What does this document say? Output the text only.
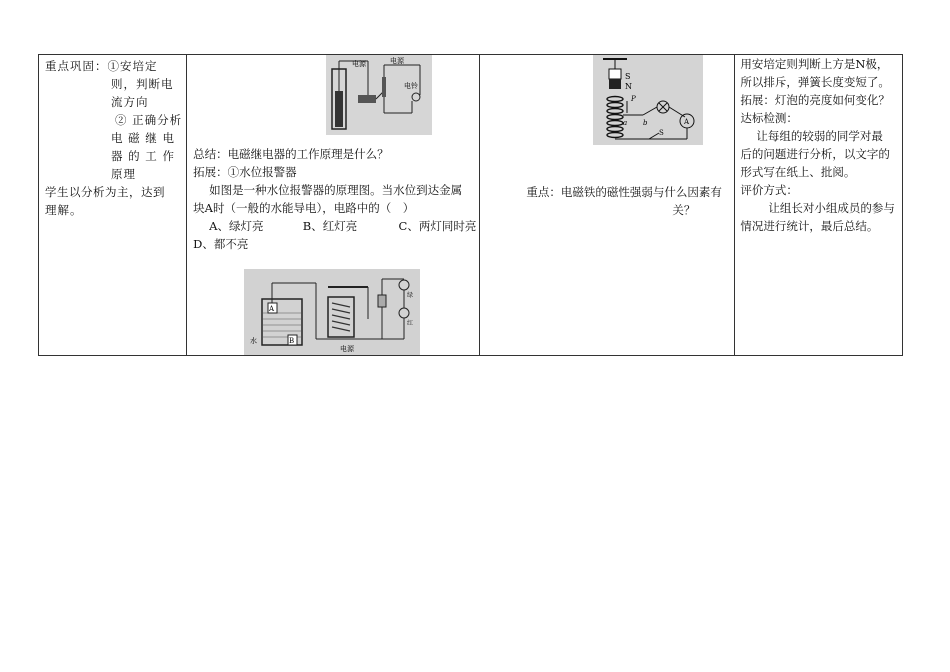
重点巩固：①安培定
则，判断电
流方向
② 正确分析
电 磁 继 电
器 的 工 作
原理
学生以分析为主，达到
理解。

电源	电源
电铃
总结：电磁继电器的工作原理是什么？
拓展：①水位报警器
如图是一种水位报警器的原理图。当水位到达金属
块A时（一般的水能导电），电路中的（　）
A、绿灯亮	B、红灯亮	C、两灯同时亮
D、都不亮
A
B
水
电源
绿
红

S
N
P
a b	A
S
重点：电磁铁的磁性强弱与什么因素有
关？

用安培定则判断上方是N极，
所以排斥，弹簧长度变短了。
拓展：灯泡的亮度如何变化？
达标检测：
让每组的较弱的同学对最
后的问题进行分析，以文字的
形式写在纸上、批阅。
评价方式：
让组长对小组成员的参与
情况进行统计，最后总结。
